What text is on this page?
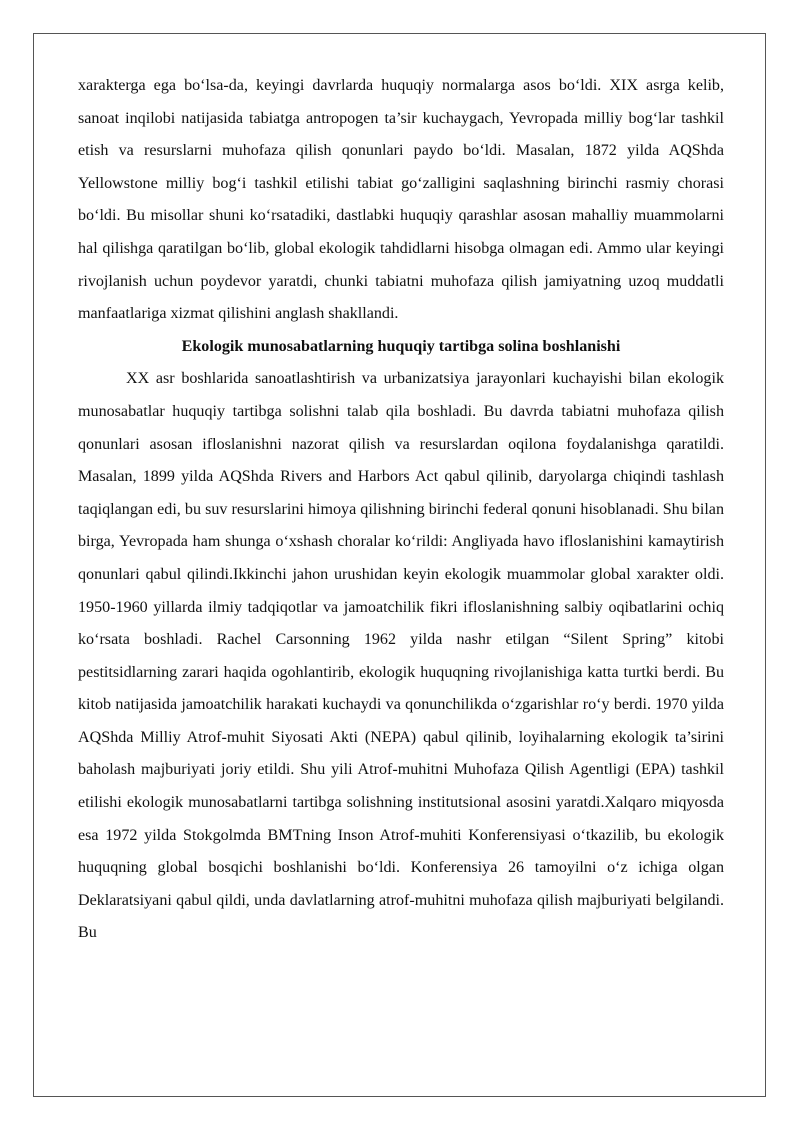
xarakterga ega bo‘lsa-da, keyingi davrlarda huquqiy normalarga asos bo‘ldi. XIX asrga kelib, sanoat inqilobi natijasida tabiatga antropogen ta’sir kuchaygach, Yevropada milliy bog‘lar tashkil etish va resurslarni muhofaza qilish qonunlari paydo bo‘ldi. Masalan, 1872 yilda AQShda Yellowstone milliy bog‘i tashkil etilishi tabiat go‘zalligini saqlashning birinchi rasmiy chorasi bo‘ldi. Bu misollar shuni ko‘rsatadiki, dastlabki huquqiy qarashlar asosan mahalliy muammolarni hal qilishga qaratilgan bo‘lib, global ekologik tahdidlarni hisobga olmagan edi. Ammo ular keyingi rivojlanish uchun poydevor yaratdi, chunki tabiatni muhofaza qilish jamiyatning uzoq muddatli manfaatlariga xizmat qilishini anglash shakllandi.

Ekologik munosabatlarning huquqiy tartibga solina boshlanishi

XX asr boshlarida sanoatlashtirish va urbanizatsiya jarayonlari kuchayishi bilan ekologik munosabatlar huquqiy tartibga solishni talab qila boshladi. Bu davrda tabiatni muhofaza qilish qonunlari asosan ifloslanishni nazorat qilish va resurslardan oqilona foydalanishga qaratildi. Masalan, 1899 yilda AQShda Rivers and Harbors Act qabul qilinib, daryolarga chiqindi tashlash taqiqlangan edi, bu suv resurslarini himoya qilishning birinchi federal qonuni hisoblanadi. Shu bilan birga, Yevropada ham shunga o‘xshash choralar ko‘rildi: Angliyada havo ifloslanishini kamaytirish qonunlari qabul qilindi.Ikkinchi jahon urushidan keyin ekologik muammolar global xarakter oldi. 1950-1960 yillarda ilmiy tadqiqotlar va jamoatchilik fikri ifloslanishning salbiy oqibatlarini ochiq ko‘rsata boshladi. Rachel Carsonning 1962 yilda nashr etilgan “Silent Spring” kitobi pestitsidlarning zarari haqida ogohlantirib, ekologik huquqning rivojlanishiga katta turtki berdi. Bu kitob natijasida jamoatchilik harakati kuchaydi va qonunchilikda o‘zgarishlar ro‘y berdi. 1970 yilda AQShda Milliy Atrof-muhit Siyosati Akti (NEPA) qabul qilinib, loyihalarning ekologik ta’sirini baholash majburiyati joriy etildi. Shu yili Atrof-muhitni Muhofaza Qilish Agentligi (EPA) tashkil etilishi ekologik munosabatlarni tartibga solishning institutsional asosini yaratdi.Xalqaro miqyosda esa 1972 yilda Stokgolmda BMTning Inson Atrof-muhiti Konferensiyasi o‘tkazilib, bu ekologik huquqning global bosqichi boshlanishi bo‘ldi. Konferensiya 26 tamoyilni o‘z ichiga olgan Deklaratsiyani qabul qildi, unda davlatlarning atrof-muhitni muhofaza qilish majburiyati belgilandi. Bu
